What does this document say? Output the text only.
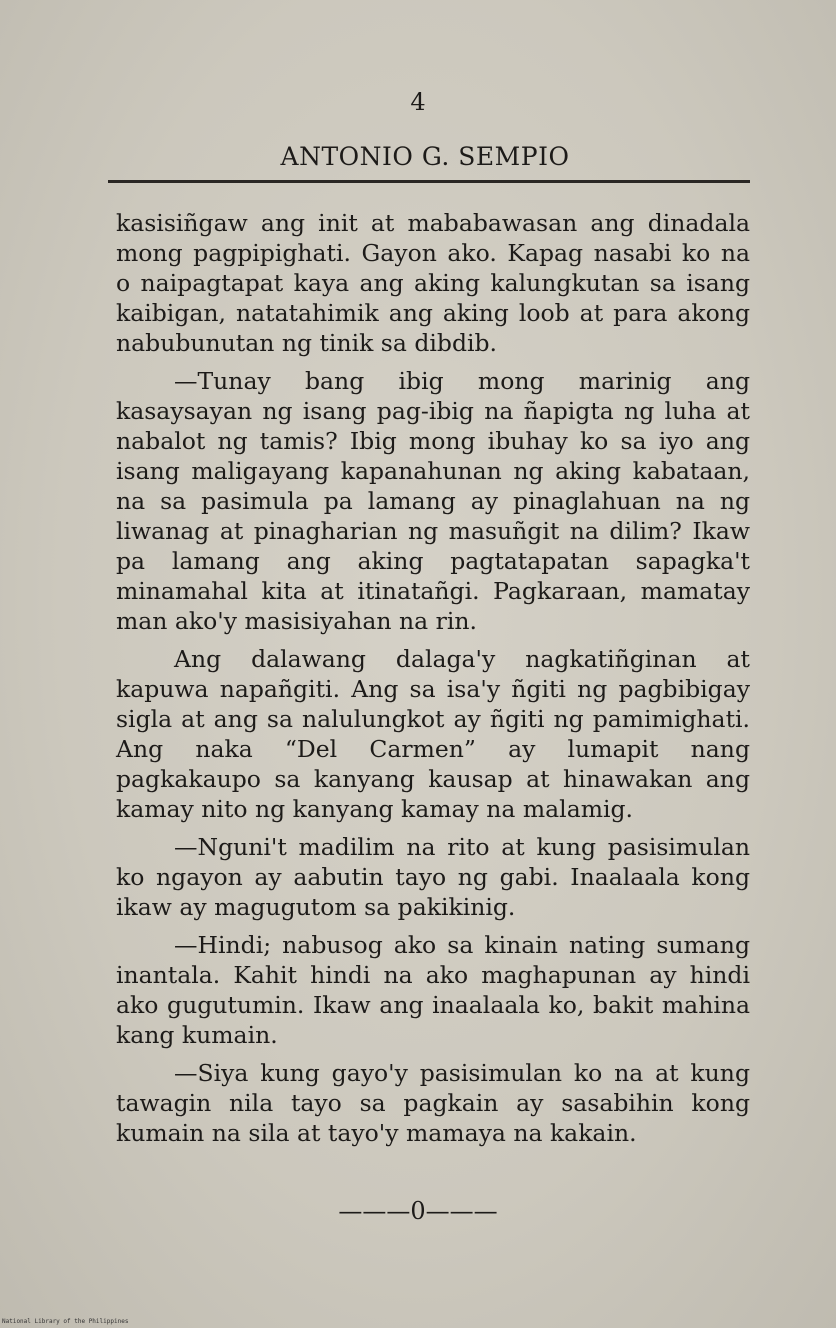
4
ANTONIO G. SEMPIO

kasisiñgaw ang init at mababawasan ang dinadala mong pagpipighati. Gayon ako. Kapag nasabi ko na o naipagtapat kaya ang aking kalungkutan sa isang kaibigan, natatahimik ang aking loob at para akong nabubunutan ng tinik sa dibdib.

—Tunay bang ibig mong marinig ang kasaysayan ng isang pag-ibig na ñapigta ng luha at nabalot ng tamis? Ibig mong ibuhay ko sa iyo ang isang maligayang kapanahunan ng aking kabataan, na sa pasimula pa lamang ay pinaglahuan na ng liwanag at pinagharian ng masuñgit na dilim? Ikaw pa lamang ang aking pagtatapatan sapagka't minamahal kita at itinatañgi. Pagkaraan, mamatay man ako'y masisiyahan na rin.

Ang dalawang dalaga'y nagkatiñginan at kapuwa napañgiti. Ang sa isa'y ñgiti ng pagbibigay sigla at ang sa nalulungkot ay ñgiti ng pamimighati. Ang naka “Del Carmen” ay lumapit nang pagkakaupo sa kanyang kausap at hinawakan ang kamay nito ng kanyang kamay na malamig.

—Nguni't madilim na rito at kung pasisimulan ko ngayon ay aabutin tayo ng gabi. Inaalaala kong ikaw ay magugutom sa pakikinig.

—Hindi; nabusog ako sa kinain nating sumang inantala. Kahit hindi na ako maghapunan ay hindi ako gugutumin. Ikaw ang inaalaala ko, bakit mahina kang kumain.

—Siya kung gayo'y pasisimulan ko na at kung tawagin nila tayo sa pagkain ay sasabihin kong kumain na sila at tayo'y mamaya na kakain.

———0———
National Library of the Philippines
